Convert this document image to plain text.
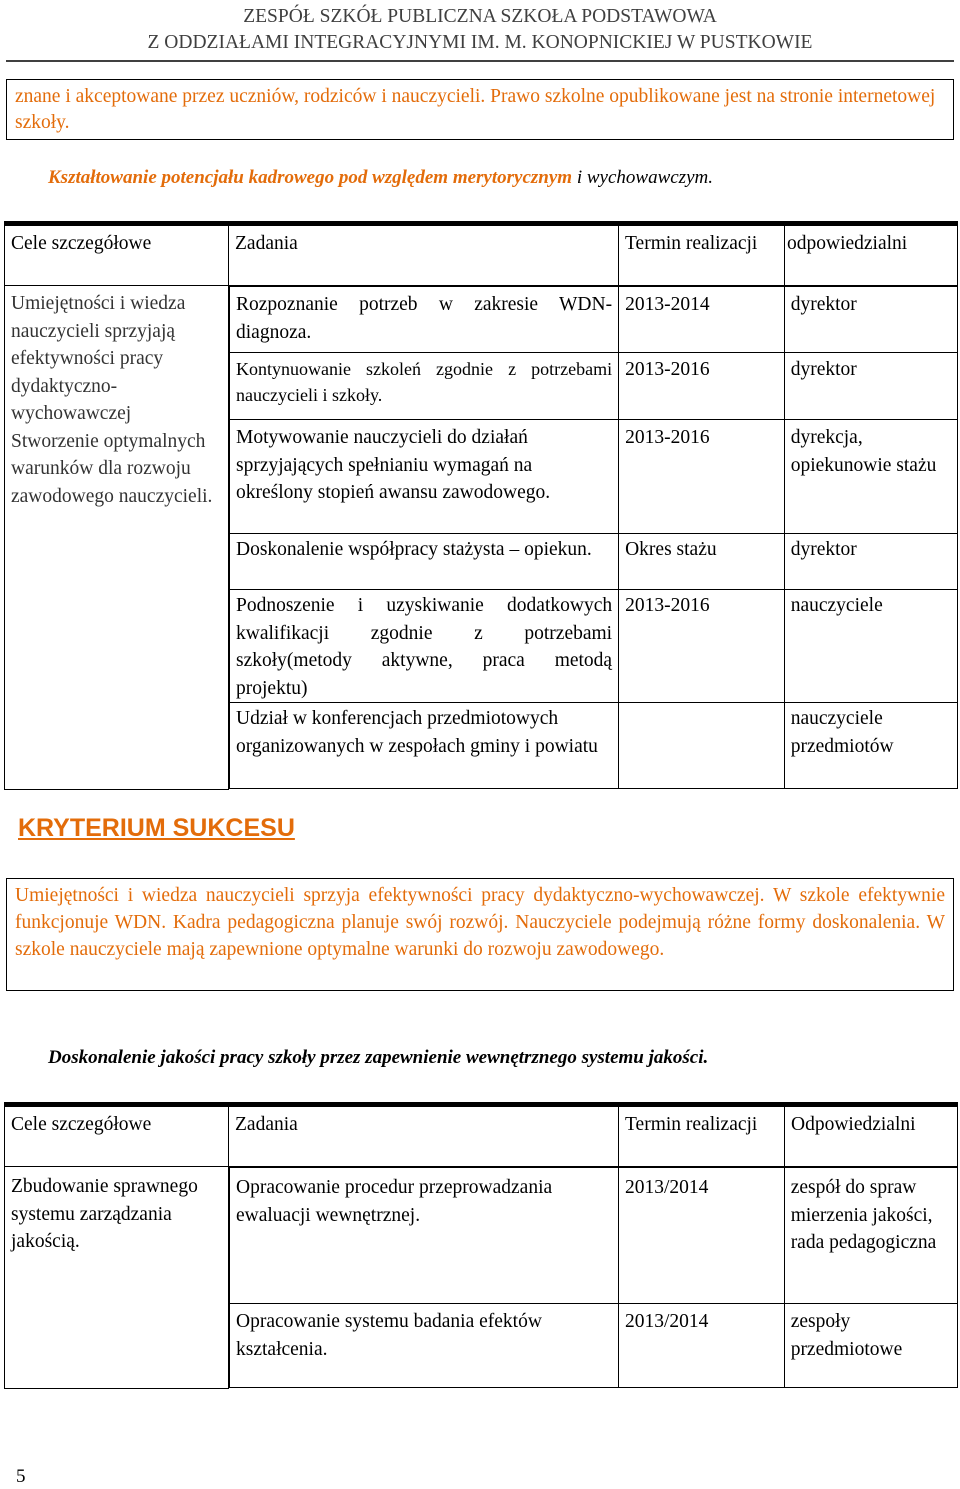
ZESPÓŁ SZKÓŁ PUBLICZNA SZKOŁA PODSTAWOWA
Z ODDZIAŁAMI INTEGRACYJNYMI IM. M. KONOPNICKIEJ W PUSTKOWIE
znane i akceptowane przez uczniów, rodziców i nauczycieli. Prawo szkolne opublikowane jest na stronie internetowej szkoły.
Kształtowanie potencjału kadrowego pod względem merytorycznym i wychowawczym.
Cele szczegółowe	Zadania	Termin realizacji	odpowiedzialni

Umiejętności i wiedza nauczycieli sprzyjają efektywności pracy dydaktyczno- wychowawczej
Stworzenie optymalnych warunków dla rozwoju zawodowego nauczycieli.

Rozpoznanie potrzeb w zakresie WDN-diagnoza.	2013-2014	dyrektor
Kontynuowanie szkoleń zgodnie z potrzebami nauczycieli i szkoły.	2013-2016	dyrektor
Motywowanie nauczycieli do działań sprzyjających spełnianiu wymagań na określony stopień awansu zawodowego.	2013-2016	dyrekcja, opiekunowie stażu
Doskonalenie współpracy stażysta – opiekun.	Okres stażu	dyrektor
Podnoszenie i uzyskiwanie dodatkowych kwalifikacji zgodnie z potrzebami szkoły(metody aktywne, praca metodą projektu)	2013-2016	nauczyciele
Udział w konferencjach przedmiotowych organizowanych w zespołach gminy i powiatu		nauczyciele przedmiotów
KRYTERIUM SUKCESU
Umiejętności i wiedza nauczycieli sprzyja efektywności pracy dydaktyczno-wychowawczej. W szkole efektywnie funkcjonuje WDN. Kadra pedagogiczna planuje swój rozwój. Nauczyciele podejmują różne formy doskonalenia. W szkole nauczyciele mają zapewnione optymalne warunki do rozwoju zawodowego.
Doskonalenie jakości pracy szkoły przez zapewnienie wewnętrznego systemu jakości.
Cele szczegółowe	Zadania	Termin realizacji	Odpowiedzialni

Zbudowanie sprawnego systemu zarządzania jakością.

Opracowanie procedur przeprowadzania ewaluacji wewnętrznej.	2013/2014	zespół do spraw mierzenia jakości, rada pedagogiczna
Opracowanie systemu badania efektów kształcenia.	2013/2014	zespoły przedmiotowe
5
